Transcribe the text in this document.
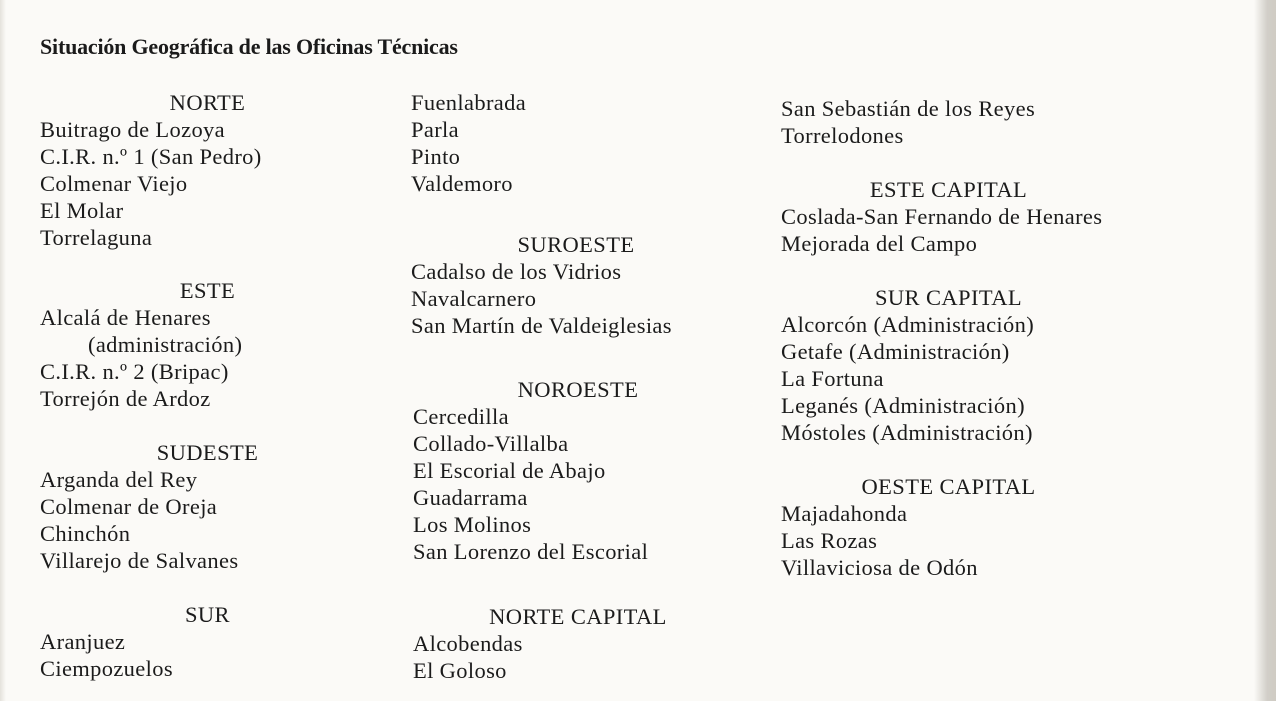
Situación Geográfica de las Oficinas Técnicas
NORTE
Buitrago de Lozoya
C.I.R. n.º 1 (San Pedro)
Colmenar Viejo
El Molar
Torrelaguna
ESTE
Alcalá de Henares
(administración)
C.I.R. n.º 2 (Bripac)
Torrejón de Ardoz
SUDESTE
Arganda del Rey
Colmenar de Oreja
Chinchón
Villarejo de Salvanes
SUR
Aranjuez
Ciempozuelos
Fuenlabrada
Parla
Pinto
Valdemoro
SUROESTE
Cadalso de los Vidrios
Navalcarnero
San Martín de Valdeiglesias
NOROESTE
Cercedilla
Collado-Villalba
El Escorial de Abajo
Guadarrama
Los Molinos
San Lorenzo del Escorial
NORTE CAPITAL
Alcobendas
El Goloso
San Sebastián de los Reyes
Torrelodones
ESTE CAPITAL
Coslada-San Fernando de Henares
Mejorada del Campo
SUR CAPITAL
Alcorcón (Administración)
Getafe (Administración)
La Fortuna
Leganés (Administración)
Móstoles (Administración)
OESTE CAPITAL
Majadahonda
Las Rozas
Villaviciosa de Odón
